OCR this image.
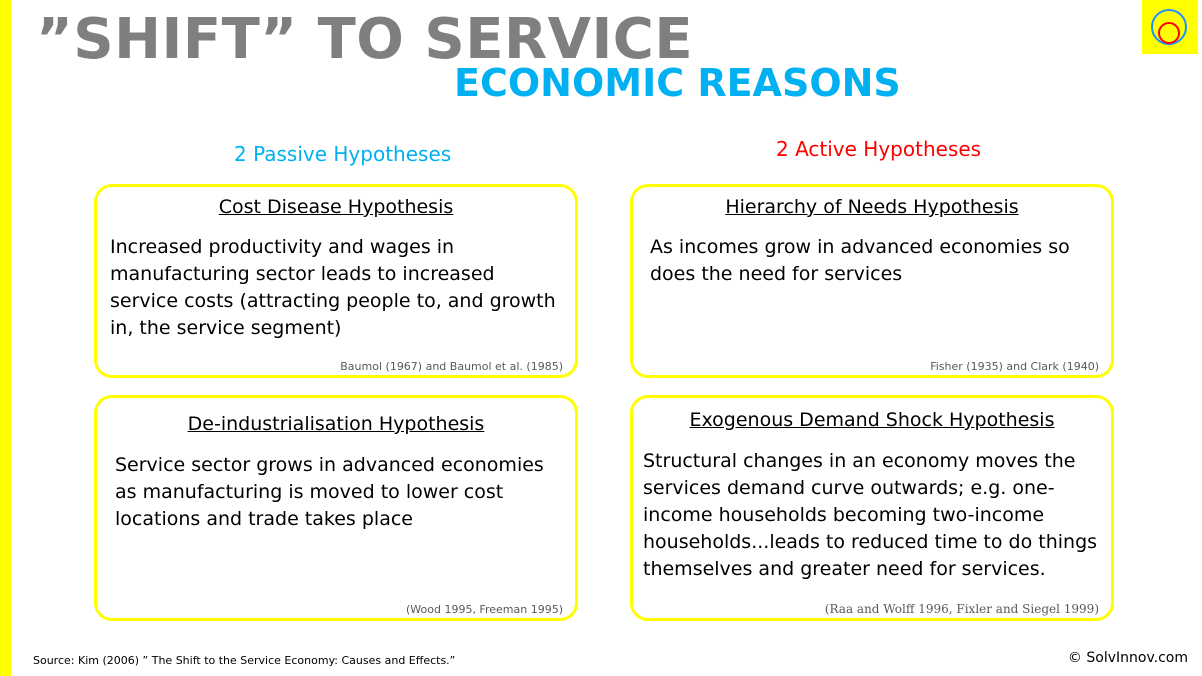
”SHIFT” TO SERVICE
ECONOMIC REASONS
2 Passive Hypotheses	2 Active Hypotheses
Cost Disease Hypothesis
Increased productivity and wages in manufacturing sector leads to increased service costs (attracting people to, and growth in, the service segment)
Baumol (1967) and Baumol et al. (1985)
Hierarchy of Needs Hypothesis
As incomes grow in advanced economies so does the need for services
Fisher (1935) and Clark (1940)
De-industrialisation Hypothesis
Service sector grows in advanced economies as manufacturing is moved to lower cost locations and trade takes place
(Wood 1995, Freeman 1995)
Exogenous Demand Shock Hypothesis
Structural changes in an economy moves the services demand curve outwards; e.g. one-income households becoming two-income households...leads to reduced time to do things themselves and greater need for services.
(Raa and Wolff 1996, Fixler and Siegel 1999)
Source: Kim (2006) ” The Shift to the Service Economy: Causes and Effects.”	© SolvInnov.com
